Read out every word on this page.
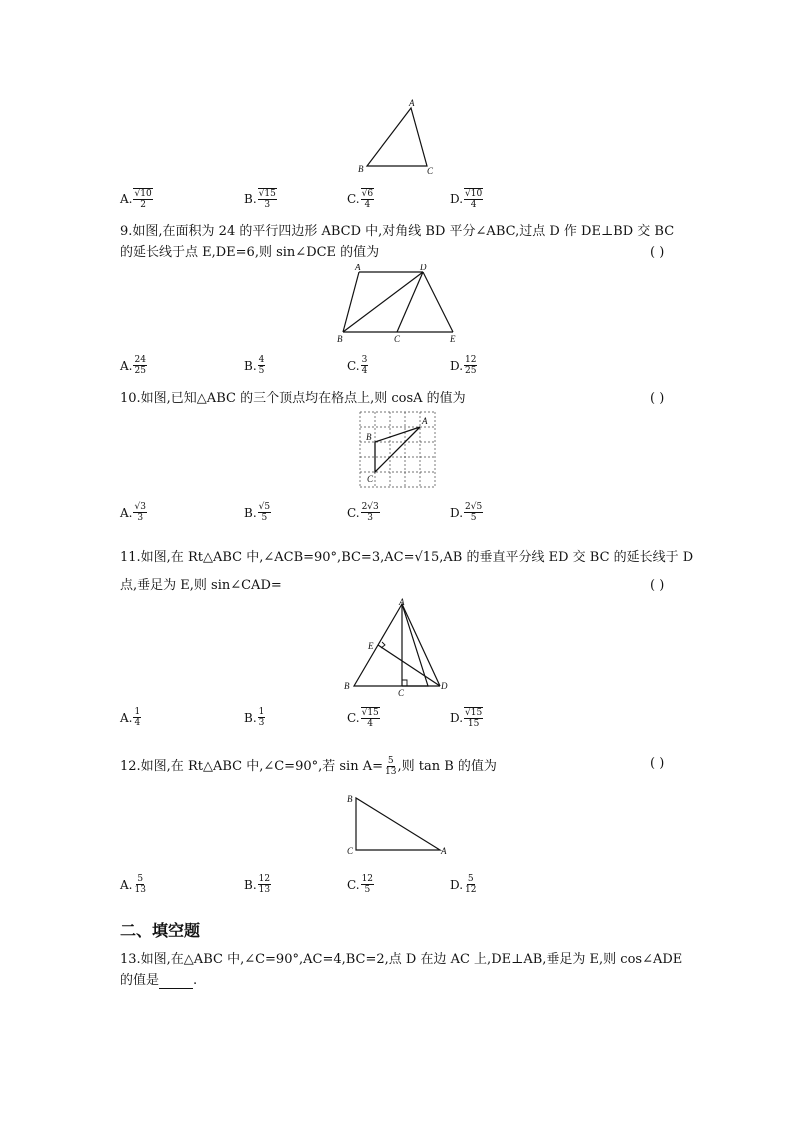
A
B	C
A. $\frac{√10}{2}$	B. $\frac{√15}{3}$	C. $\frac{√6}{4}$	D. $\frac{√10}{4}$
9.如图,在面积为 24 的平行四边形 ABCD 中,对角线 BD 平分∠ABC,过点 D 作 DE⊥BD 交 BC
的延长线于点 E,DE=6,则 sin∠DCE 的值为	( )
A	D
B	C	E
A. $\frac{24}{25}$	B. $\frac{4}{5}$	C. $\frac{3}{4}$	D. $\frac{12}{25}$
10.如图,已知△ABC 的三个顶点均在格点上,则 cosA 的值为	( )
A
B
C
A. $\frac{√3}{3}$	B. $\frac{√5}{5}$	C. $\frac{2√3}{3}$	D. $\frac{2√5}{5}$
11.如图,在 Rt△ABC 中,∠ACB=90°,BC=3,AC=√15,AB 的垂直平分线 ED 交 BC 的延长线于 D
点,垂足为 E,则 sin∠CAD=	( )
A
E
B
C
D
A. $\frac{1}{4}$	B. $\frac{1}{3}$	C. $\frac{√15}{4}$	D. $\frac{√15}{15}$
12.如图,在 Rt△ABC 中,∠C=90°,若 $\sin A= \frac{5}{13}$ ,则 tan B 的值为	( )
B
C	A
A. $\frac{5}{13}$	B. $\frac{12}{13}$	C. $\frac{12}{5}$	D. $\frac{5}{12}$
二、填空题
13.如图,在△ABC 中,∠C=90°,AC=4,BC=2,点 D 在边 AC 上,DE⊥AB,垂足为 E,则 cos∠ADE
的值是	.
